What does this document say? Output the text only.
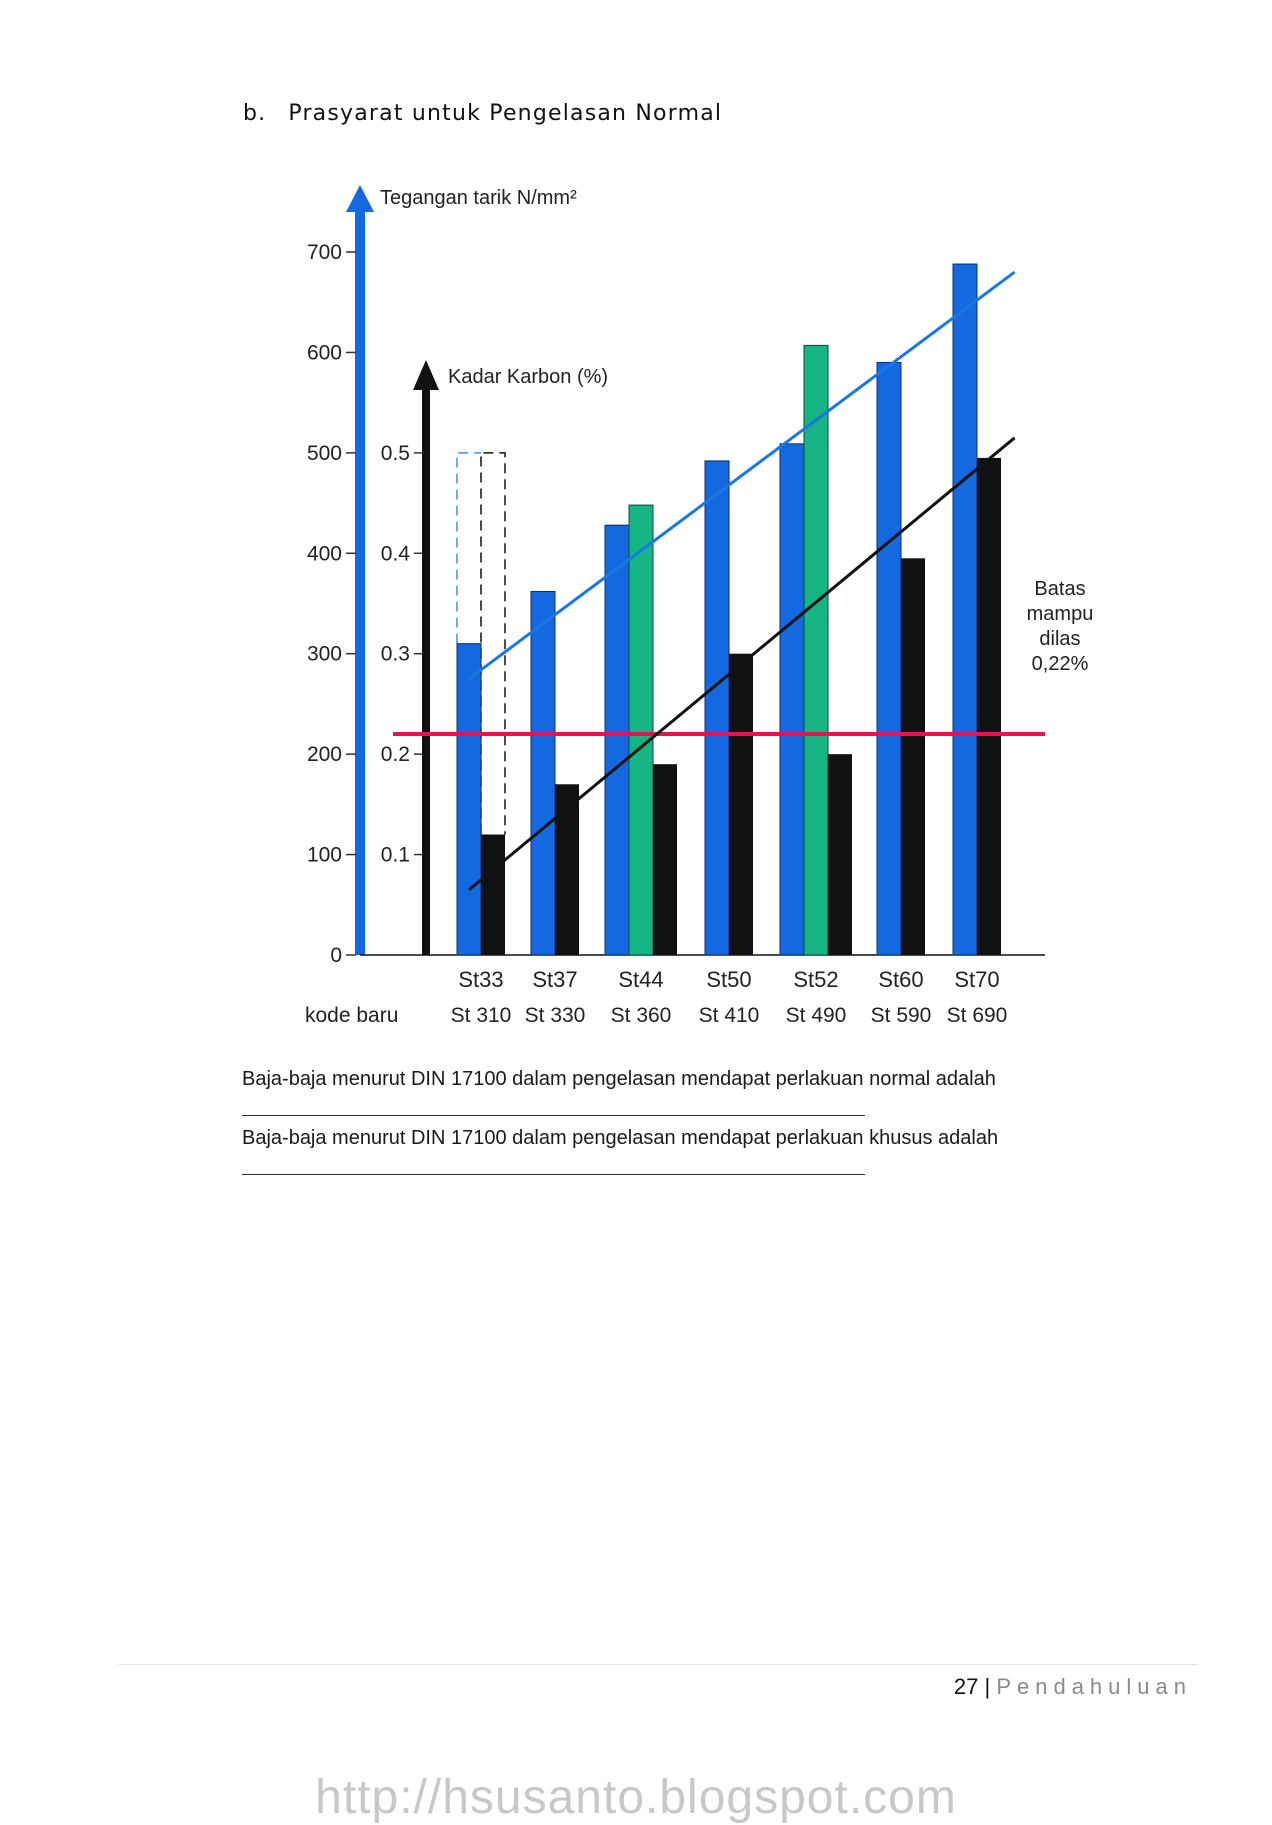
b. Prasyarat untuk Pengelasan Normal
0
100
200
300
400
500
600
700
0.1
0.2
0.3
0.4
0.5
Tegangan tarik N/mm²
Kadar Karbon (%)
St33
St 310
St37
St 330
St44
St 360
St50
St 410
St52
St 490
St60
St 590
St70
St 690
kode baru
Batas
mampu
dilas
0,22%
Baja-baja menurut DIN 17100 dalam pengelasan mendapat perlakuan normal adalah
Baja-baja menurut DIN 17100 dalam pengelasan mendapat perlakuan khusus adalah
27 | Pendahuluan
http://hsusanto.blogspot.com
